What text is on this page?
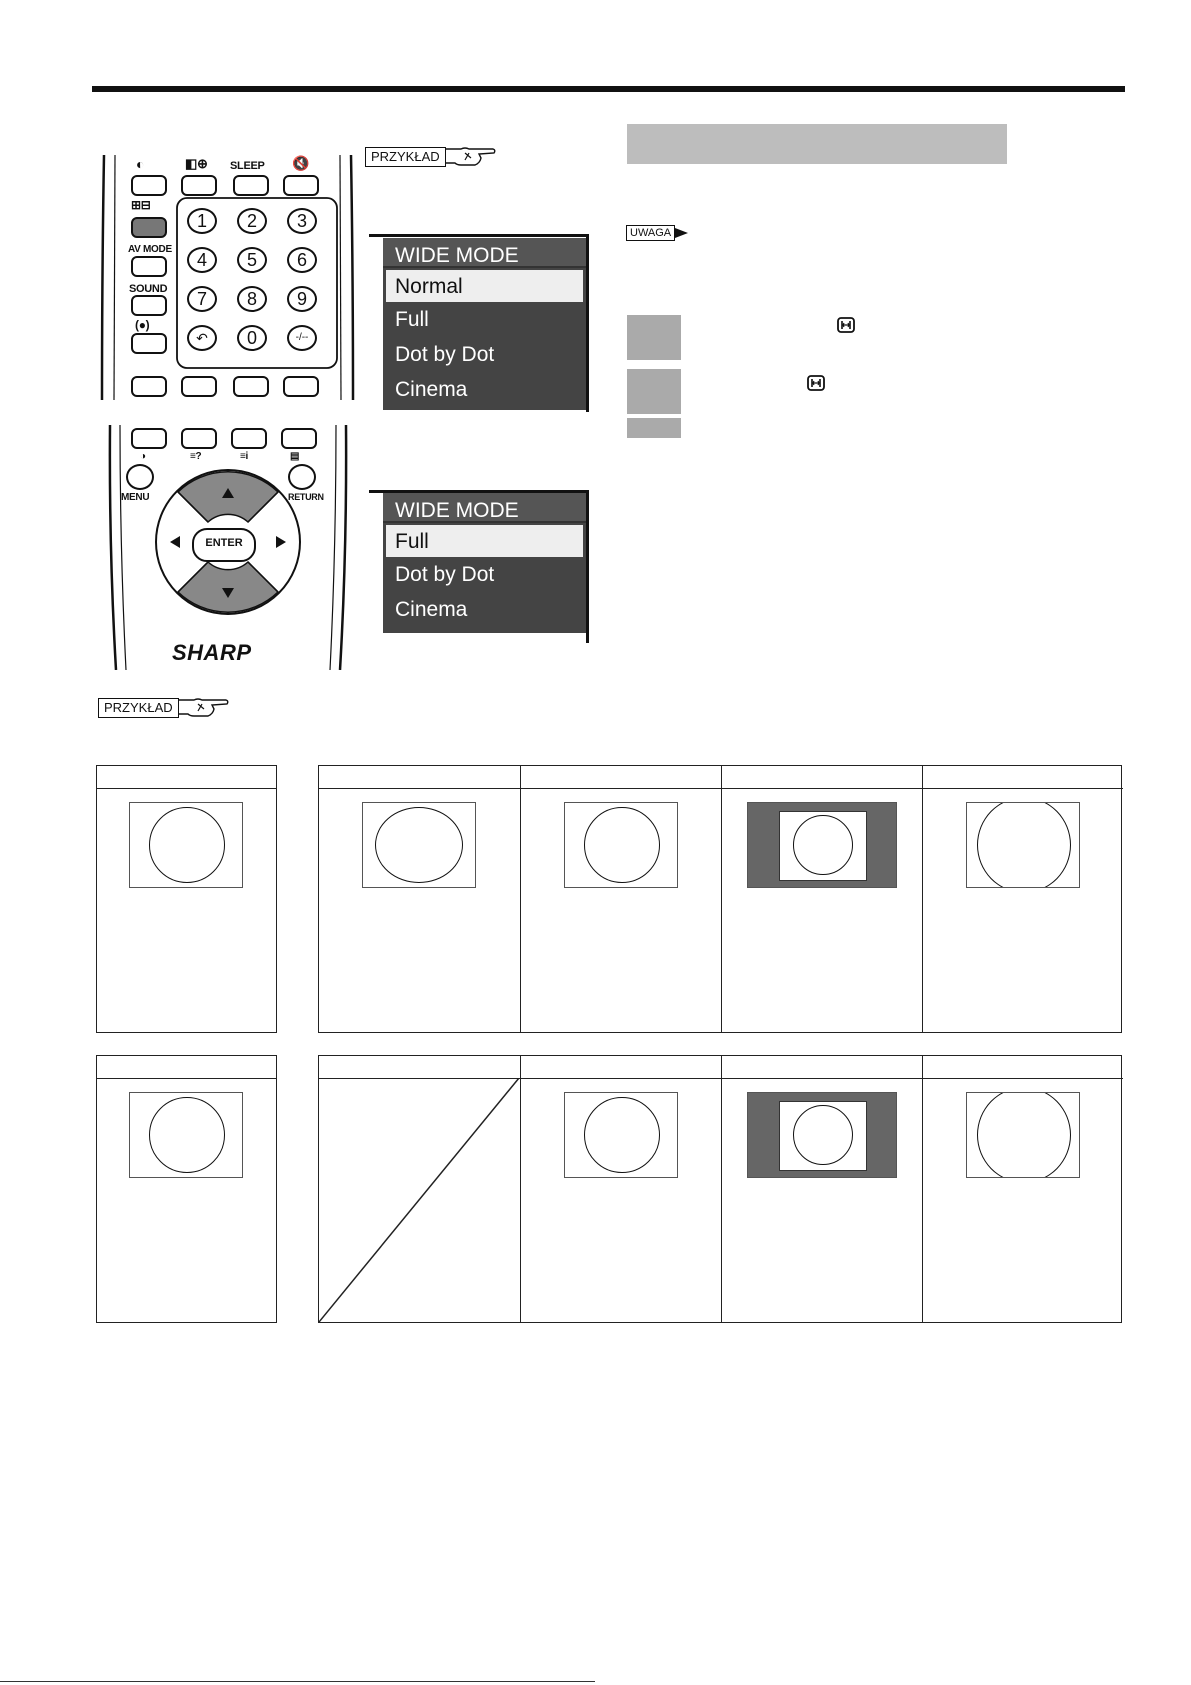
◐	◧⊕ SLEEP 🔇
⊞⊟
AV MODE
SOUND
(●)
1	2	3
4	5	6
7	8	9
↶	0	-/--
◑	≡?	≡i	▤
MENU	RETURN
ENTER
SHARP
PRZYKŁAD
WIDE MODE
Normal
Full
Dot by Dot
Cinema
WIDE MODE
Full
Dot by Dot
Cinema
UWAGA
PRZYKŁAD
